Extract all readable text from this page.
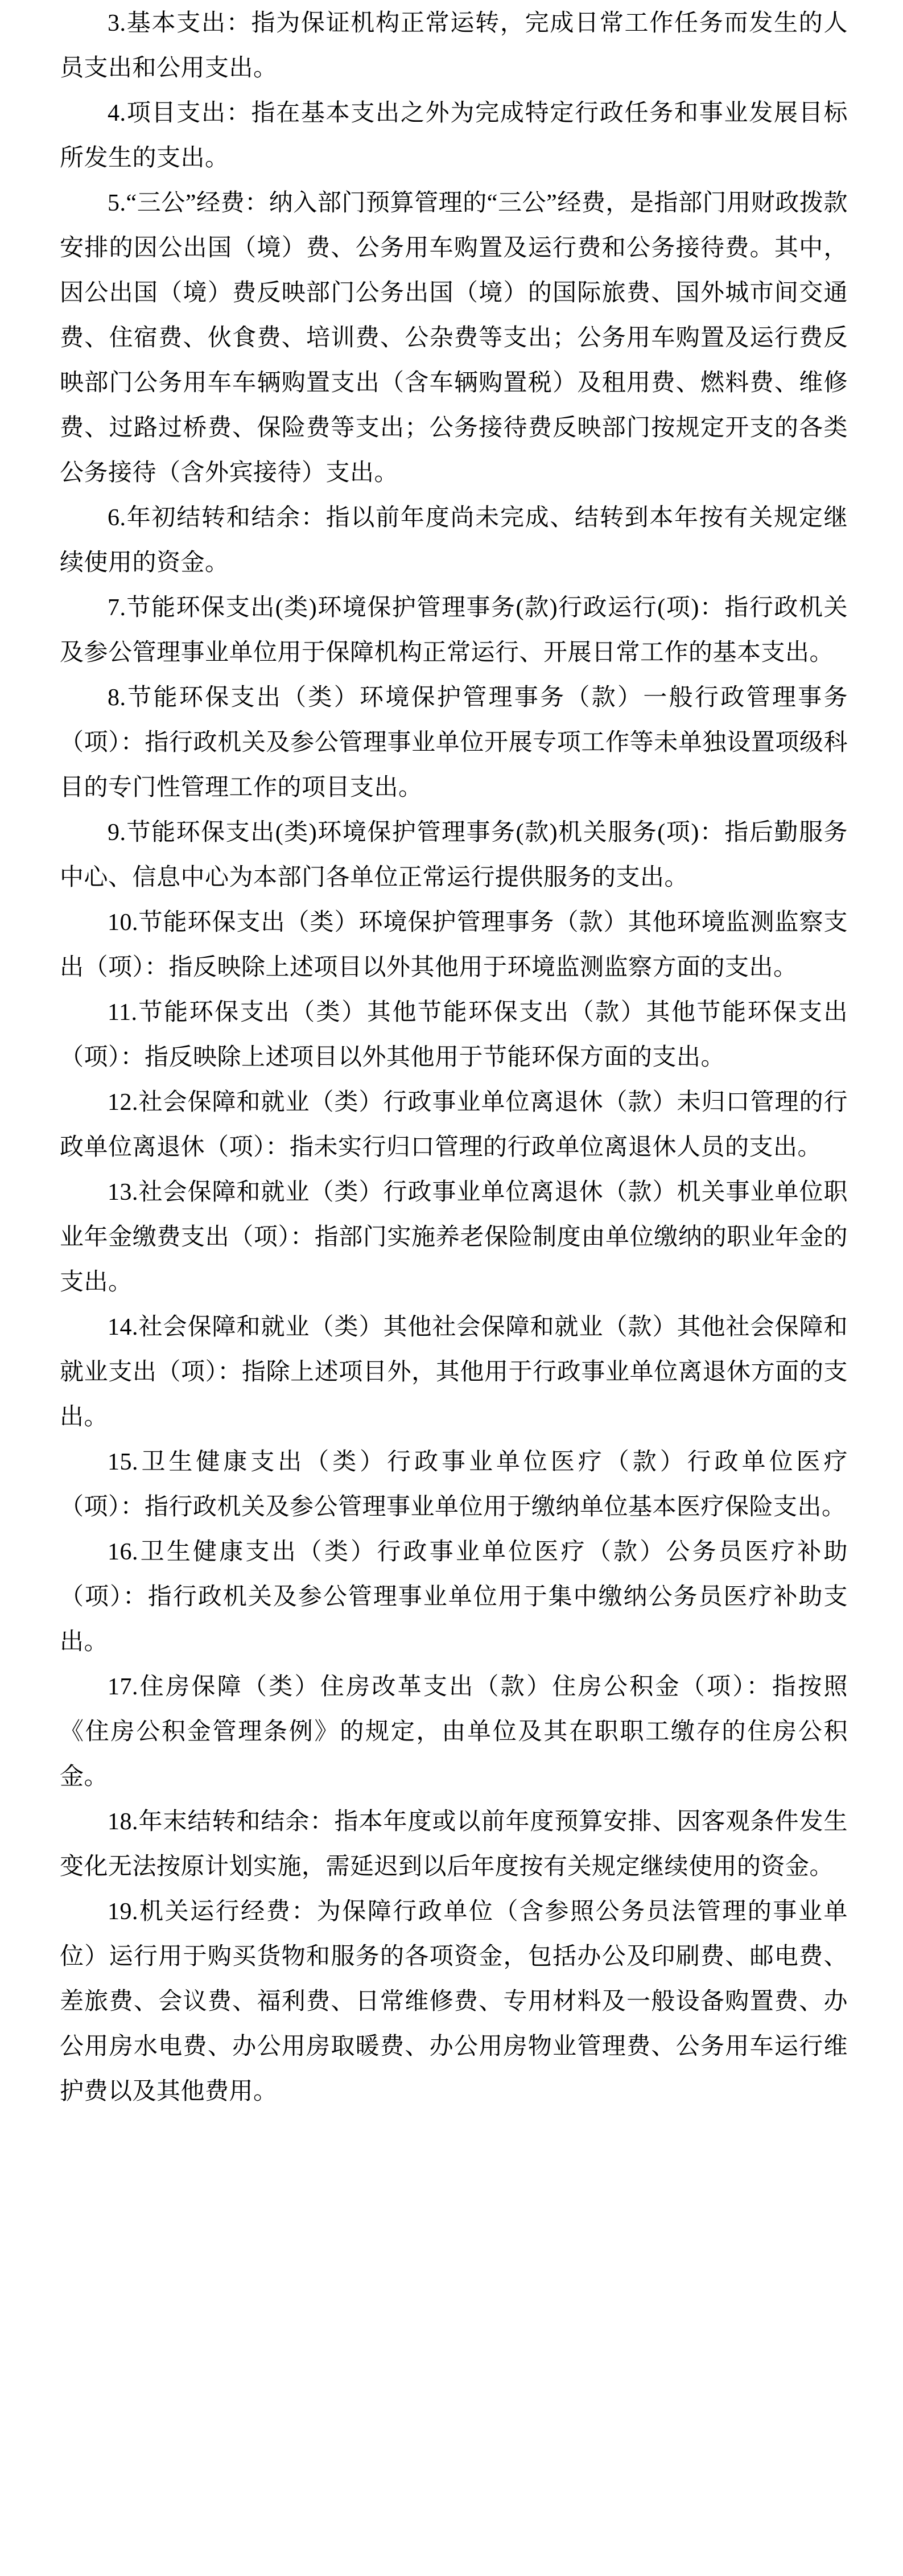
3.基本支出：指为保证机构正常运转，完成日常工作任务而发生的人员支出和公用支出。

4.项目支出：指在基本支出之外为完成特定行政任务和事业发展目标所发生的支出。

5.“三公”经费：纳入部门预算管理的“三公”经费，是指部门用财政拨款安排的因公出国（境）费、公务用车购置及运行费和公务接待费。其中，因公出国（境）费反映部门公务出国（境）的国际旅费、国外城市间交通费、住宿费、伙食费、培训费、公杂费等支出；公务用车购置及运行费反映部门公务用车车辆购置支出（含车辆购置税）及租用费、燃料费、维修费、过路过桥费、保险费等支出；公务接待费反映部门按规定开支的各类公务接待（含外宾接待）支出。

6.年初结转和结余：指以前年度尚未完成、结转到本年按有关规定继续使用的资金。

7.节能环保支出(类)环境保护管理事务(款)行政运行(项)：指行政机关及参公管理事业单位用于保障机构正常运行、开展日常工作的基本支出。

8.节能环保支出（类）环境保护管理事务（款）一般行政管理事务（项）：指行政机关及参公管理事业单位开展专项工作等未单独设置项级科目的专门性管理工作的项目支出。

9.节能环保支出(类)环境保护管理事务(款)机关服务(项)：指后勤服务中心、信息中心为本部门各单位正常运行提供服务的支出。

10.节能环保支出（类）环境保护管理事务（款）其他环境监测监察支出（项）：指反映除上述项目以外其他用于环境监测监察方面的支出。

11.节能环保支出（类）其他节能环保支出（款）其他节能环保支出（项）：指反映除上述项目以外其他用于节能环保方面的支出。

12.社会保障和就业（类）行政事业单位离退休（款）未归口管理的行政单位离退休（项）：指未实行归口管理的行政单位离退休人员的支出。

13.社会保障和就业（类）行政事业单位离退休（款）机关事业单位职业年金缴费支出（项）：指部门实施养老保险制度由单位缴纳的职业年金的支出。

14.社会保障和就业（类）其他社会保障和就业（款）其他社会保障和就业支出（项）：指除上述项目外，其他用于行政事业单位离退休方面的支出。

15.卫生健康支出（类）行政事业单位医疗（款）行政单位医疗（项）：指行政机关及参公管理事业单位用于缴纳单位基本医疗保险支出。

16.卫生健康支出（类）行政事业单位医疗（款）公务员医疗补助（项）：指行政机关及参公管理事业单位用于集中缴纳公务员医疗补助支出。

17.住房保障（类）住房改革支出（款）住房公积金（项）：指按照《住房公积金管理条例》的规定，由单位及其在职职工缴存的住房公积金。

18.年末结转和结余：指本年度或以前年度预算安排、因客观条件发生变化无法按原计划实施，需延迟到以后年度按有关规定继续使用的资金。

19.机关运行经费：为保障行政单位（含参照公务员法管理的事业单位）运行用于购买货物和服务的各项资金，包括办公及印刷费、邮电费、差旅费、会议费、福利费、日常维修费、专用材料及一般设备购置费、办公用房水电费、办公用房取暖费、办公用房物业管理费、公务用车运行维护费以及其他费用。
